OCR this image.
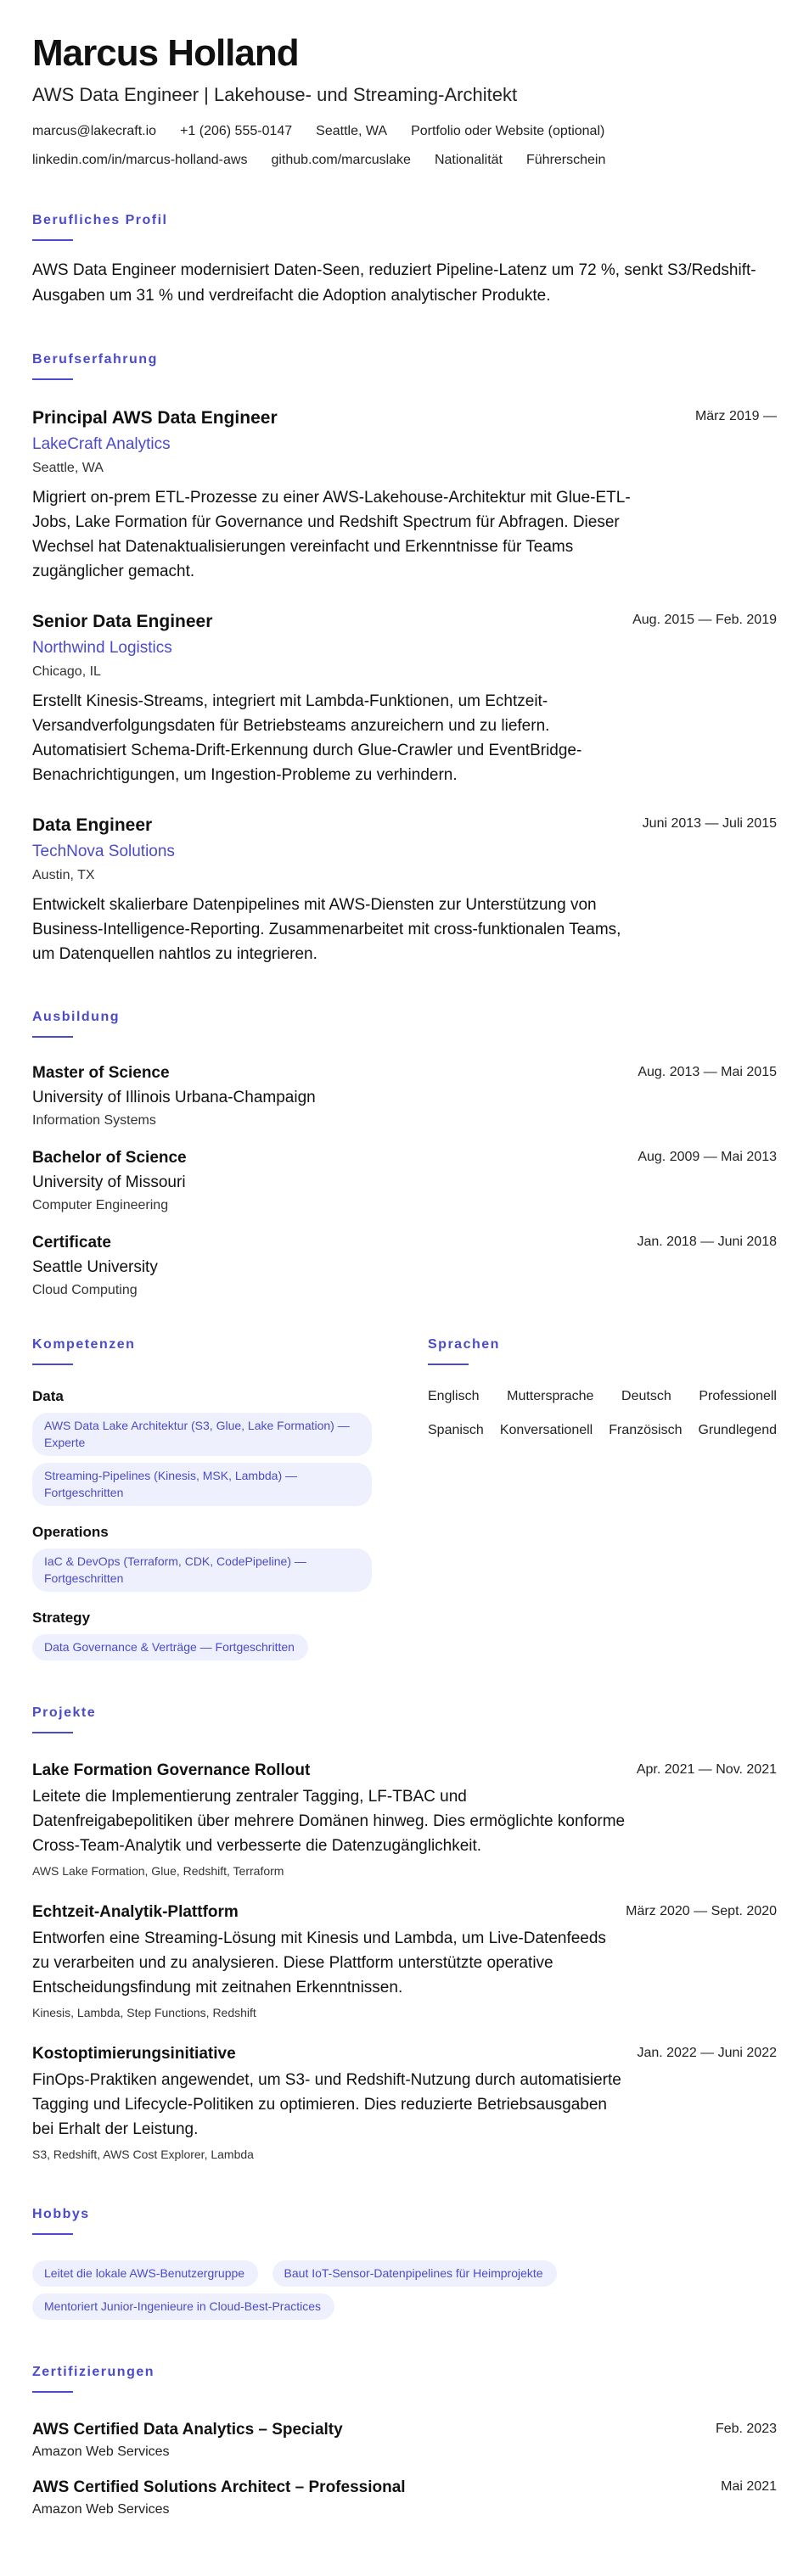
Marcus Holland
AWS Data Engineer | Lakehouse- und Streaming-Architekt
marcus@lakecraft.io +1 (206) 555-0147 Seattle, WA Portfolio oder Website (optional)
linkedin.com/in/marcus-holland-aws github.com/marcuslake Nationalität Führerschein
Berufliches Profil
AWS Data Engineer modernisiert Daten-Seen, reduziert Pipeline-Latenz um 72 %, senkt S3/Redshift-Ausgaben um 31 % und verdreifacht die Adoption analytischer Produkte.
Berufserfahrung
Principal AWS Data Engineer	März 2019 —
LakeCraft Analytics
Seattle, WA
Migriert on-prem ETL-Prozesse zu einer AWS-Lakehouse-Architektur mit Glue-ETL-Jobs, Lake Formation für Governance und Redshift Spectrum für Abfragen. Dieser Wechsel hat Datenaktualisierungen vereinfacht und Erkenntnisse für Teams zugänglicher gemacht.
Senior Data Engineer	Aug. 2015 — Feb. 2019
Northwind Logistics
Chicago, IL
Erstellt Kinesis-Streams, integriert mit Lambda-Funktionen, um Echtzeit-Versandverfolgungsdaten für Betriebsteams anzureichern und zu liefern. Automatisiert Schema-Drift-Erkennung durch Glue-Crawler und EventBridge-Benachrichtigungen, um Ingestion-Probleme zu verhindern.
Data Engineer	Juni 2013 — Juli 2015
TechNova Solutions
Austin, TX
Entwickelt skalierbare Datenpipelines mit AWS-Diensten zur Unterstützung von Business-Intelligence-Reporting. Zusammenarbeitet mit cross-funktionalen Teams, um Datenquellen nahtlos zu integrieren.
Ausbildung
Master of Science	Aug. 2013 — Mai 2015
University of Illinois Urbana-Champaign
Information Systems
Bachelor of Science	Aug. 2009 — Mai 2013
University of Missouri
Computer Engineering
Certificate	Jan. 2018 — Juni 2018
Seattle University
Cloud Computing
Kompetenzen
Data
AWS Data Lake Architektur (S3, Glue, Lake Formation) — Experte
Streaming-Pipelines (Kinesis, MSK, Lambda) — Fortgeschritten
Operations
IaC & DevOps (Terraform, CDK, CodePipeline) — Fortgeschritten
Strategy
Data Governance & Verträge — Fortgeschritten
Sprachen
Englisch Muttersprache Deutsch Professionell
Spanisch Konversationell Französisch Grundlegend
Projekte
Lake Formation Governance Rollout	Apr. 2021 — Nov. 2021
Leitete die Implementierung zentraler Tagging, LF-TBAC und Datenfreigabepolitiken über mehrere Domänen hinweg. Dies ermöglichte konforme Cross-Team-Analytik und verbesserte die Datenzugänglichkeit.
AWS Lake Formation, Glue, Redshift, Terraform
Echtzeit-Analytik-Plattform	März 2020 — Sept. 2020
Entworfen eine Streaming-Lösung mit Kinesis und Lambda, um Live-Datenfeeds zu verarbeiten und zu analysieren. Diese Plattform unterstützte operative Entscheidungsfindung mit zeitnahen Erkenntnissen.
Kinesis, Lambda, Step Functions, Redshift
Kostoptimierungsinitiative	Jan. 2022 — Juni 2022
FinOps-Praktiken angewendet, um S3- und Redshift-Nutzung durch automatisierte Tagging und Lifecycle-Politiken zu optimieren. Dies reduzierte Betriebsausgaben bei Erhalt der Leistung.
S3, Redshift, AWS Cost Explorer, Lambda
Hobbys
Leitet die lokale AWS-Benutzergruppe	Baut IoT-Sensor-Datenpipelines für Heimprojekte
Mentoriert Junior-Ingenieure in Cloud-Best-Practices
Zertifizierungen
AWS Certified Data Analytics – Specialty	Feb. 2023
Amazon Web Services
AWS Certified Solutions Architect – Professional	Mai 2021
Amazon Web Services
